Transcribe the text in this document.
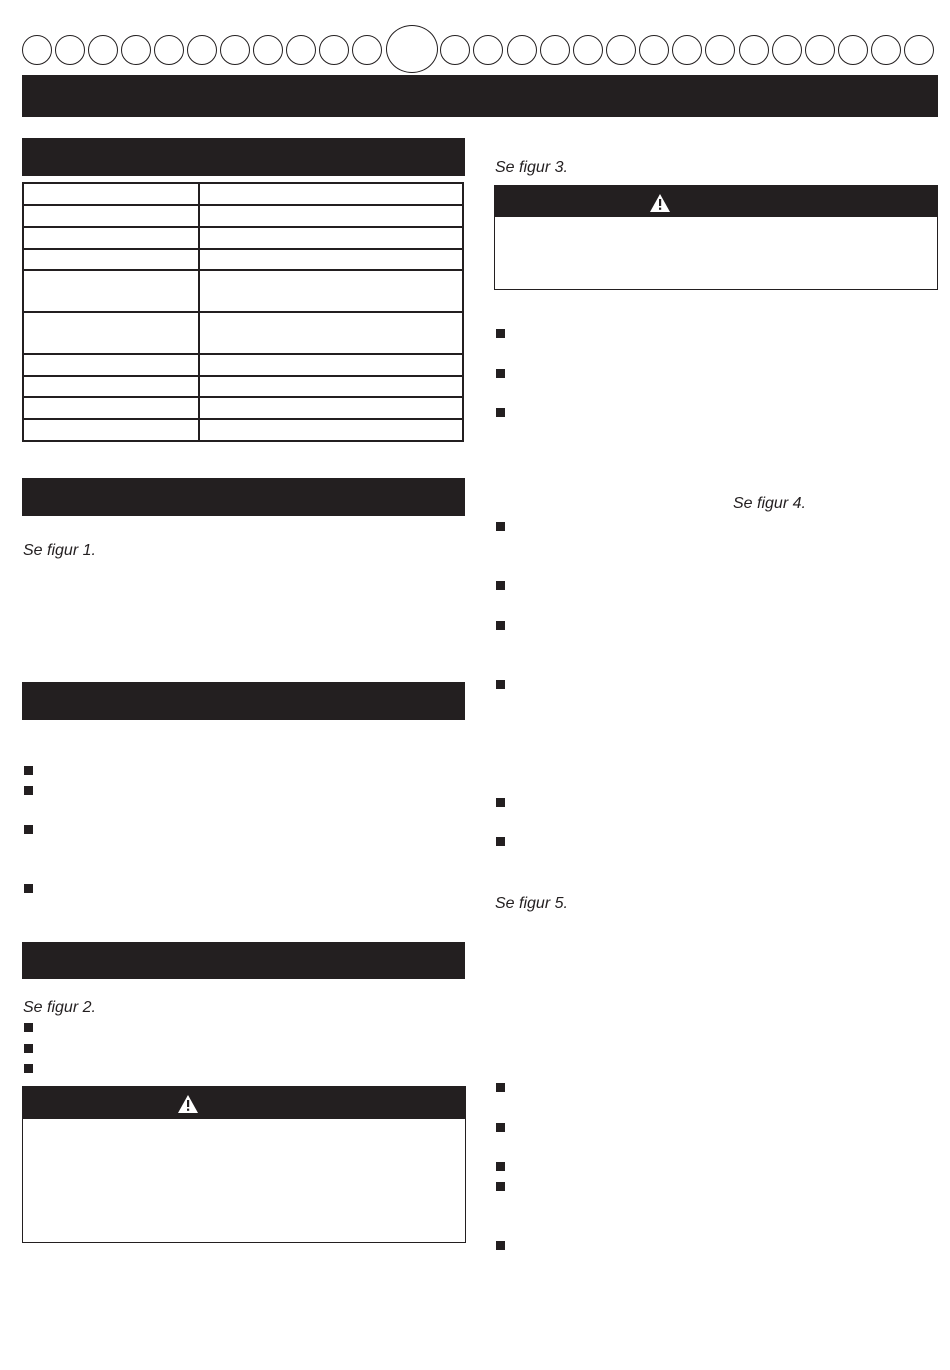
Se figur 1.
Se figur 2.
Se figur 3.
Se figur 4.
Se figur 5.
